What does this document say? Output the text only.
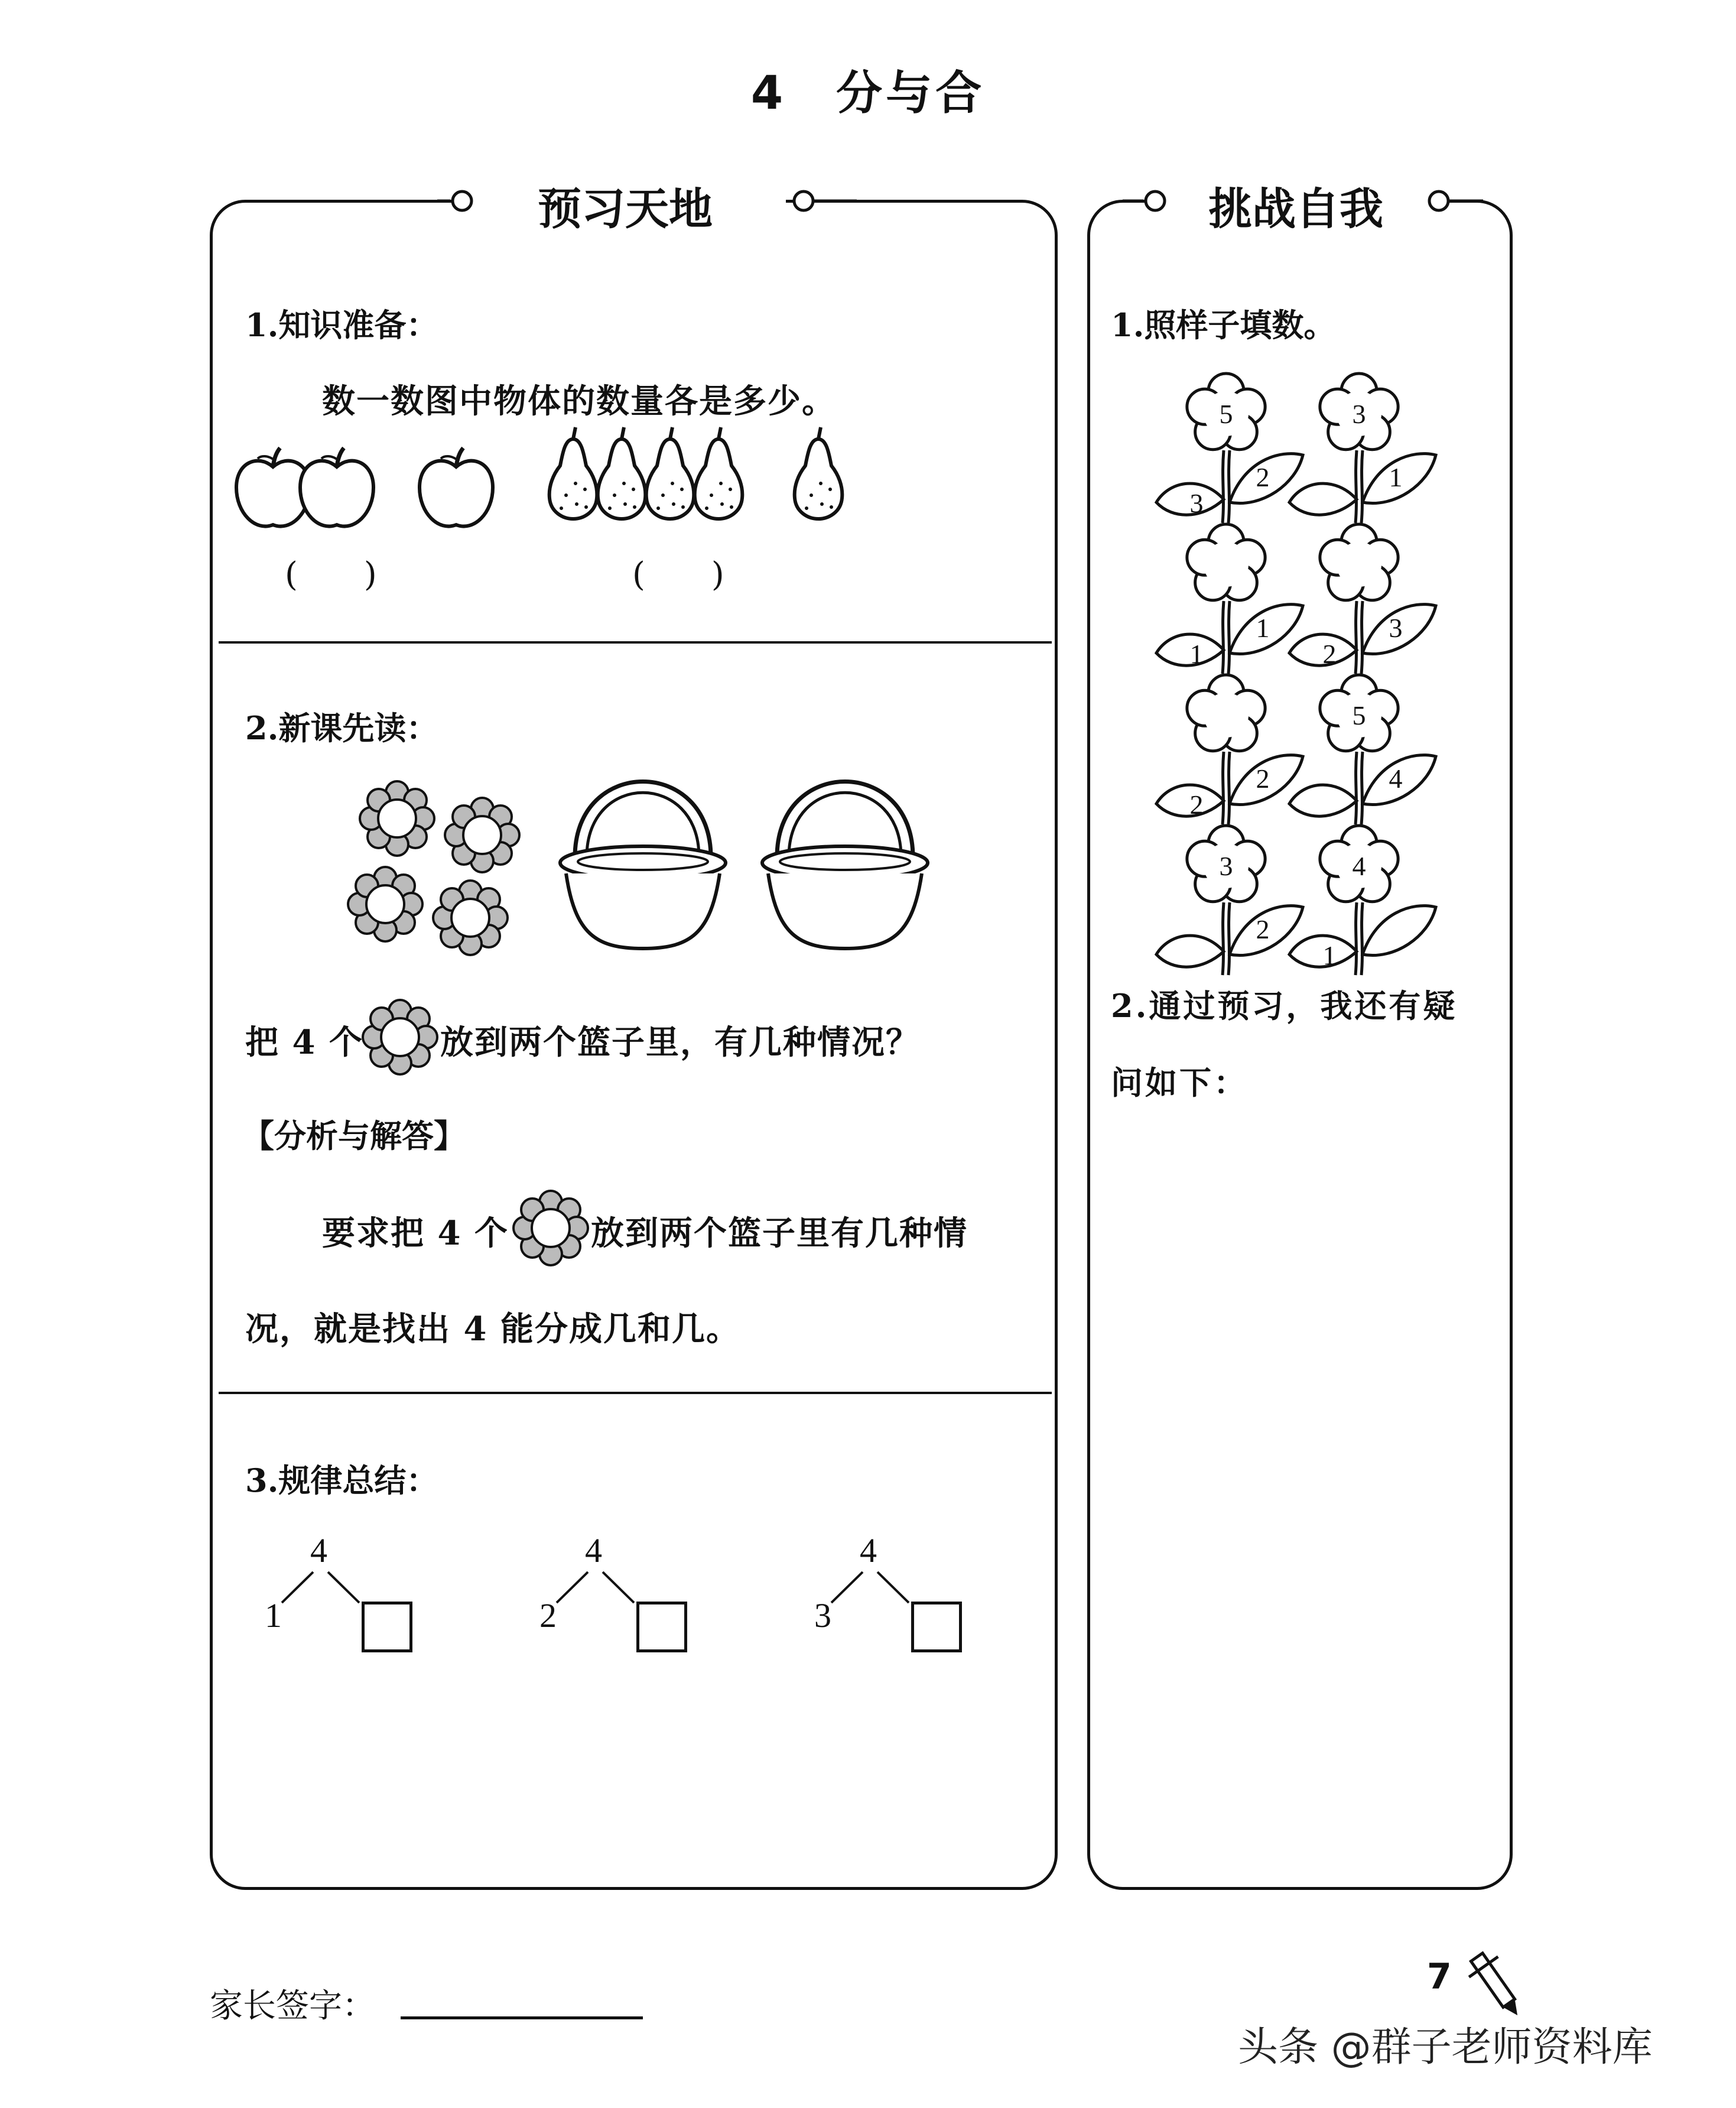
4　分与合
预习天地
1.知识准备：
数一数图中物体的数量各是多少。
(　　)	(　　)
2.新课先读：
把 4 个 放到两个篮子里，有几种情况？
【分析与解答】
要求把 4 个 放到两个篮子里有几种情
况，就是找出 4 能分成几和几。
3.规律总结：
4
1
4
2
4
3
挑战自我
1.照样子填数。
5
3
2
3
1
1
1
2
3
2
2
5
4
3
2
4
1
2.通过预习，我还有疑
问如下：
家长签字：
7
头条 @群子老师资料库
